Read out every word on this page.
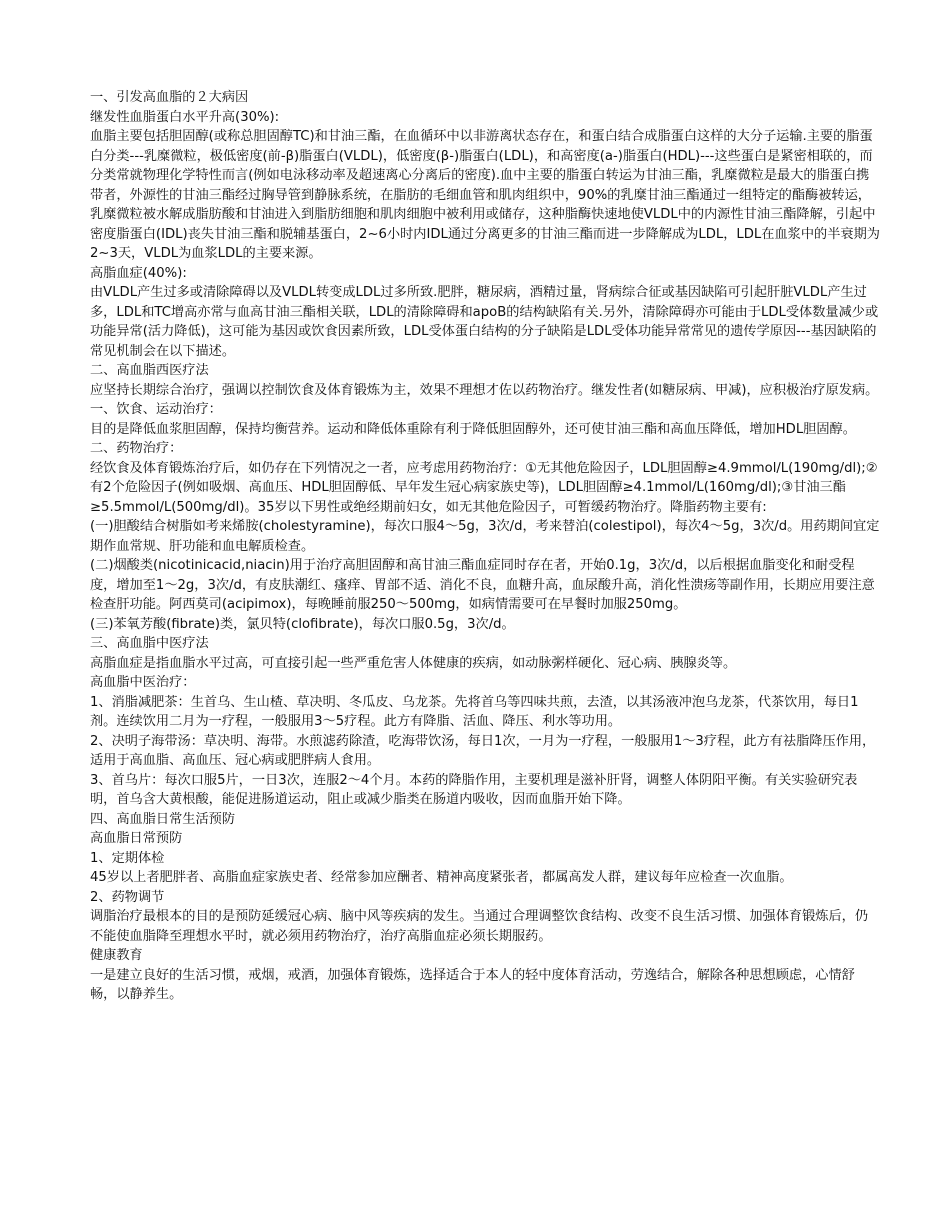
一、引发高血脂的２大病因

继发性血脂蛋白水平升高(30%):

血脂主要包括胆固醇(或称总胆固醇TC)和甘油三酯，在血循环中以非游离状态存在，和蛋白结合成脂蛋白这样的大分子运输.主要的脂蛋白分类---乳糜微粒，极低密度(前-β)脂蛋白(VLDL)，低密度(β-)脂蛋白(LDL)，和高密度(a-)脂蛋白(HDL)---这些蛋白是紧密相联的，而分类常就物理化学特性而言(例如电泳移动率及超速离心分离后的密度).血中主要的脂蛋白转运为甘油三酯，乳糜微粒是最大的脂蛋白携带者，外源性的甘油三酯经过胸导管到静脉系统，在脂肪的毛细血管和肌肉组织中，90%的乳糜甘油三酯通过一组特定的酯酶被转运，乳糜微粒被水解成脂肪酸和甘油进入到脂肪细胞和肌肉细胞中被利用或储存，这种脂酶快速地使VLDL中的内源性甘油三酯降解，引起中密度脂蛋白(IDL)丧失甘油三酯和脱辅基蛋白，2~6小时内IDL通过分离更多的甘油三酯而进一步降解成为LDL，LDL在血浆中的半衰期为2~3天，VLDL为血浆LDL的主要来源。

高脂血症(40%):

由VLDL产生过多或清除障碍以及VLDL转变成LDL过多所致.肥胖，糖尿病，酒精过量，肾病综合征或基因缺陷可引起肝脏VLDL产生过多，LDL和TC增高亦常与血高甘油三酯相关联，LDL的清除障碍和apoB的结构缺陷有关.另外，清除障碍亦可能由于LDL受体数量减少或功能异常(活力降低)，这可能为基因或饮食因素所致，LDL受体蛋白结构的分子缺陷是LDL受体功能异常常见的遗传学原因---基因缺陷的常见机制会在以下描述。

二、高血脂西医疗法

应坚持长期综合治疗，强调以控制饮食及体育锻炼为主，效果不理想才佐以药物治疗。继发性者(如糖尿病、甲减)，应积极治疗原发病。

一、饮食、运动治疗：

目的是降低血浆胆固醇，保持均衡营养。运动和降低体重除有利于降低胆固醇外，还可使甘油三酯和高血压降低，增加HDL胆固醇。

二、药物治疗：

经饮食及体育锻炼治疗后，如仍存在下列情况之一者，应考虑用药物治疗：①无其他危险因子，LDL胆固醇≥4.9mmol/L(190mg/dl);②有2个危险因子(例如吸烟、高血压、HDL胆固醇低、早年发生冠心病家族史等)，LDL胆固醇≥4.1mmol/L(160mg/dl);③甘油三酯≥5.5mmol/L(500mg/dl)。35岁以下男性或绝经期前妇女，如无其他危险因子，可暂缓药物治疗。降脂药物主要有:

(一)胆酸结合树脂如考来烯胺(cholestyramine)，每次口服4～5g，3次/d，考来替泊(colestipol)，每次4～5g，3次/d。用药期间宜定期作血常规、肝功能和血电解质检查。

(二)烟酸类(nicotinicacid,niacin)用于治疗高胆固醇和高甘油三酯血症同时存在者，开始0.1g，3次/d，以后根据血脂变化和耐受程度，增加至1～2g，3次/d，有皮肤潮红、瘙痒、胃部不适、消化不良，血糖升高，血尿酸升高，消化性溃疡等副作用，长期应用要注意检查肝功能。阿西莫司(acipimox)，每晚睡前服250～500mg，如病情需要可在早餐时加服250mg。

(三)苯氧芳酸(fibrate)类，氯贝特(clofibrate)，每次口服0.5g，3次/d。

三、高血脂中医疗法

高脂血症是指血脂水平过高，可直接引起一些严重危害人体健康的疾病，如动脉粥样硬化、冠心病、胰腺炎等。

高血脂中医治疗：

1、消脂减肥茶：生首乌、生山楂、草决明、冬瓜皮、乌龙茶。先将首乌等四味共煎，去渣，以其汤液冲泡乌龙茶，代茶饮用，每日1剂。连续饮用二月为一疗程，一般服用3～5疗程。此方有降脂、活血、降压、利水等功用。

2、决明子海带汤：草决明、海带。水煎滤药除渣，吃海带饮汤，每日1次，一月为一疗程，一般服用1～3疗程，此方有祛脂降压作用，适用于高血脂、高血压、冠心病或肥胖病人食用。

3、首乌片：每次口服5片，一日3次，连服2～4个月。本药的降脂作用，主要机理是滋补肝肾，调整人体阴阳平衡。有关实验研究表明，首乌含大黄根酸，能促进肠道运动，阻止或减少脂类在肠道内吸收，因而血脂开始下降。

四、高血脂日常生活预防

高血脂日常预防

1、定期体检

45岁以上者肥胖者、高脂血症家族史者、经常参加应酬者、精神高度紧张者，都属高发人群，建议每年应检查一次血脂。

2、药物调节

调脂治疗最根本的目的是预防延缓冠心病、脑中风等疾病的发生。当通过合理调整饮食结构、改变不良生活习惯、加强体育锻炼后，仍不能使血脂降至理想水平时，就必须用药物治疗，治疗高脂血症必须长期服药。

健康教育

一是建立良好的生活习惯，戒烟，戒酒，加强体育锻炼，选择适合于本人的轻中度体育活动，劳逸结合，解除各种思想顾虑，心情舒畅，以静养生。
